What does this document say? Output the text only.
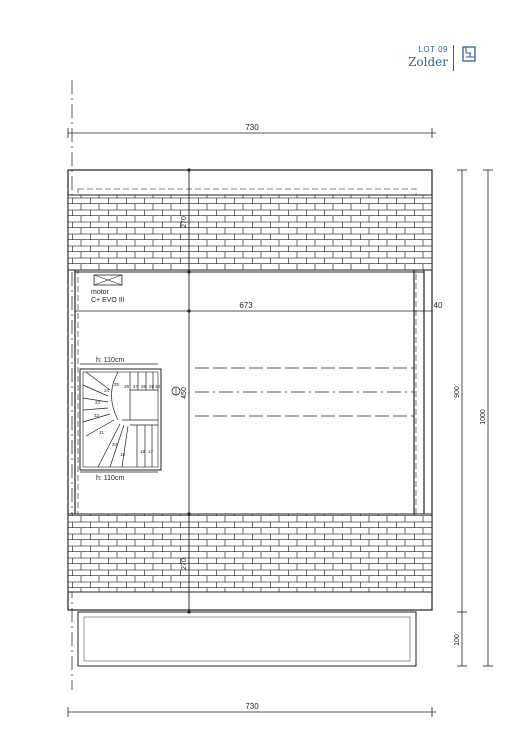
LOT 09
Zolder
730
270
270
450
motor
C+ EVO III
673	40
30
29
28
27
26
25
24
23
22
21
20
19
18 17
h: 110cm
h: 110cm
900
100
1000
730
